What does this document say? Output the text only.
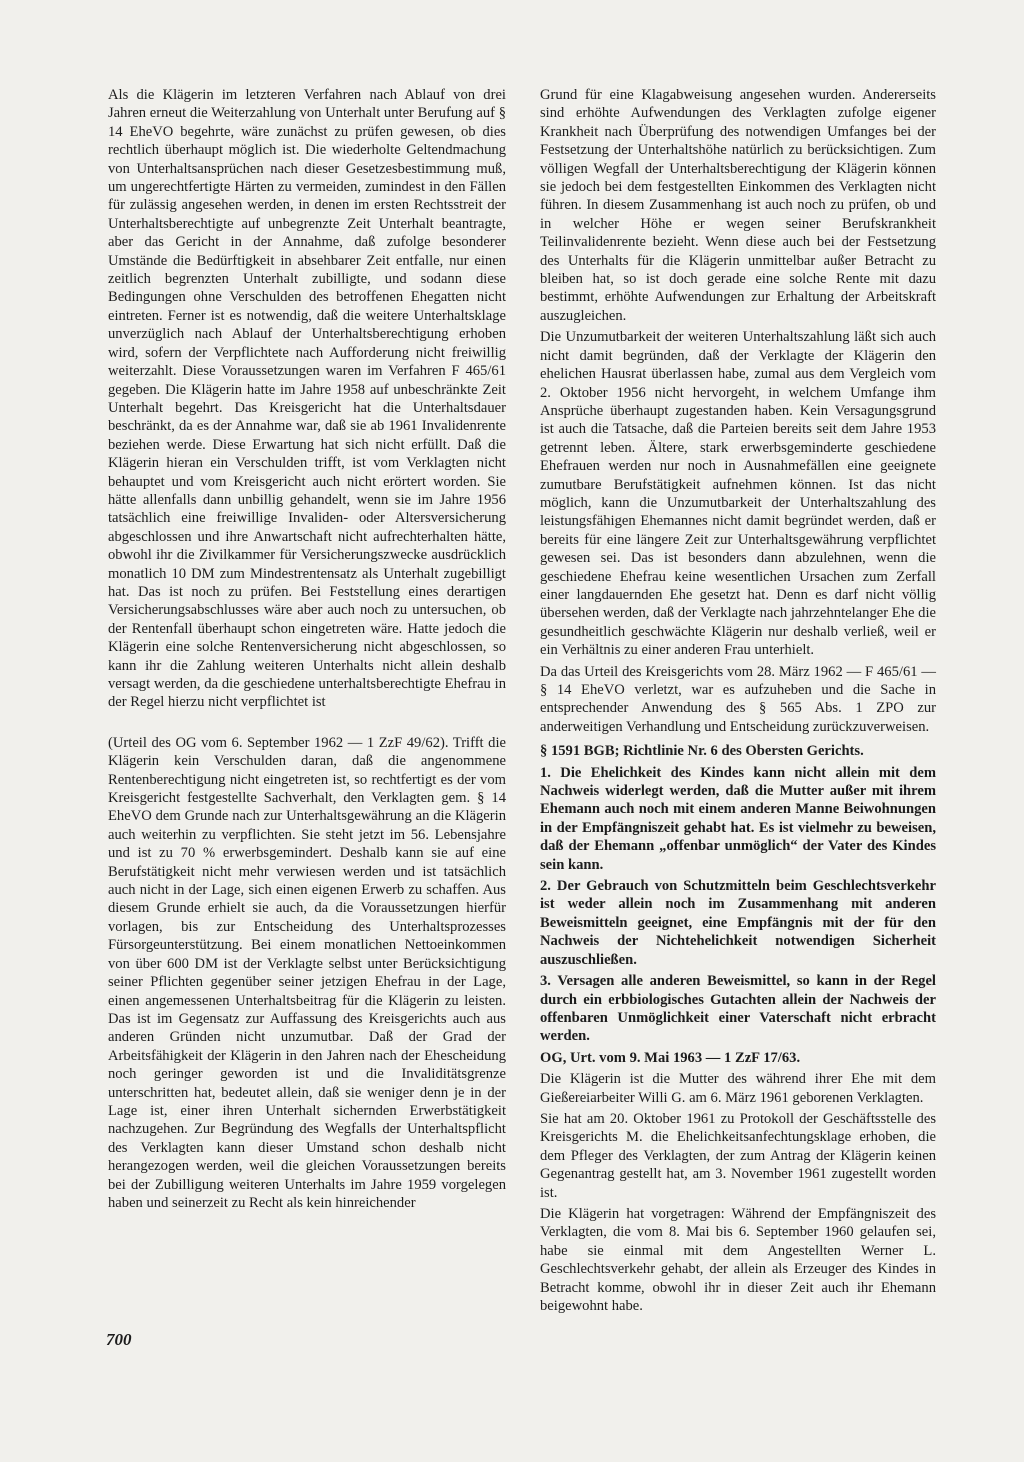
Als die Klägerin im letzteren Verfahren nach Ablauf von drei Jahren erneut die Weiterzahlung von Unterhalt unter Berufung auf § 14 EheVO begehrte, wäre zunächst zu prüfen gewesen, ob dies rechtlich überhaupt möglich ist. Die wiederholte Geltendmachung von Unterhaltsansprüchen nach dieser Gesetzesbestimmung muß, um ungerechtfertigte Härten zu vermeiden, zumindest in den Fällen für zulässig angesehen werden, in denen im ersten Rechtsstreit der Unterhaltsberechtigte auf unbegrenzte Zeit Unterhalt beantragte, aber das Gericht in der Annahme, daß zufolge besonderer Umstände die Bedürftigkeit in absehbarer Zeit entfalle, nur einen zeitlich begrenzten Unterhalt zubilligte, und sodann diese Bedingungen ohne Verschulden des betroffenen Ehegatten nicht eintreten. Ferner ist es notwendig, daß die weitere Unterhaltsklage unverzüglich nach Ablauf der Unterhaltsberechtigung erhoben wird, sofern der Verpflichtete nach Aufforderung nicht freiwillig weiterzahlt. Diese Voraussetzungen waren im Verfahren F 465/61 gegeben. Die Klägerin hatte im Jahre 1958 auf unbeschränkte Zeit Unterhalt begehrt. Das Kreisgericht hat die Unterhaltsdauer beschränkt, da es der Annahme war, daß sie ab 1961 Invalidenrente beziehen werde. Diese Erwartung hat sich nicht erfüllt. Daß die Klägerin hieran ein Verschulden trifft, ist vom Verklagten nicht behauptet und vom Kreisgericht auch nicht erörtert worden. Sie hätte allenfalls dann unbillig gehandelt, wenn sie im Jahre 1956 tatsächlich eine freiwillige Invaliden- oder Altersversicherung abgeschlossen und ihre Anwartschaft nicht aufrechterhalten hätte, obwohl ihr die Zivilkammer für Versicherungszwecke ausdrücklich monatlich 10 DM zum Mindestrentensatz als Unterhalt zugebilligt hat. Das ist noch zu prüfen. Bei Feststellung eines derartigen Versicherungsabschlusses wäre aber auch noch zu untersuchen, ob der Rentenfall überhaupt schon eingetreten wäre. Hatte jedoch die Klägerin eine solche Rentenversicherung nicht abgeschlossen, so kann ihr die Zahlung weiteren Unterhalts nicht allein deshalb versagt werden, da die geschiedene unterhaltsberechtigte Ehefrau in der Regel hierzu nicht verpflichtet ist

(Urteil des OG vom 6. September 1962 — 1 ZzF 49/62). Trifft die Klägerin kein Verschulden daran, daß die angenommene Rentenberechtigung nicht eingetreten ist, so rechtfertigt es der vom Kreisgericht festgestellte Sachverhalt, den Verklagten gem. § 14 EheVO dem Grunde nach zur Unterhaltsgewährung an die Klägerin auch weiterhin zu verpflichten. Sie steht jetzt im 56. Lebensjahre und ist zu 70 % erwerbsgemindert. Deshalb kann sie auf eine Berufstätigkeit nicht mehr verwiesen werden und ist tatsächlich auch nicht in der Lage, sich einen eigenen Erwerb zu schaffen. Aus diesem Grunde erhielt sie auch, da die Voraussetzungen hierfür vorlagen, bis zur Entscheidung des Unterhaltsprozesses Fürsorgeunterstützung. Bei einem monatlichen Nettoeinkommen von über 600 DM ist der Verklagte selbst unter Berücksichtigung seiner Pflichten gegenüber seiner jetzigen Ehefrau in der Lage, einen angemessenen Unterhaltsbeitrag für die Klägerin zu leisten. Das ist im Gegensatz zur Auffassung des Kreisgerichts auch aus anderen Gründen nicht unzumutbar. Daß der Grad der Arbeitsfähigkeit der Klägerin in den Jahren nach der Ehescheidung noch geringer geworden ist und die Invaliditätsgrenze unterschritten hat, bedeutet allein, daß sie weniger denn je in der Lage ist, einer ihren Unterhalt sichernden Erwerbstätigkeit nachzugehen. Zur Begründung des Wegfalls der Unterhaltspflicht des Verklagten kann dieser Umstand schon deshalb nicht herangezogen werden, weil die gleichen Voraussetzungen bereits bei der Zubilligung weiteren Unterhalts im Jahre 1959 vorgelegen haben und seinerzeit zu Recht als kein hinreichender

Grund für eine Klagabweisung angesehen wurden. Andererseits sind erhöhte Aufwendungen des Verklagten zufolge eigener Krankheit nach Überprüfung des notwendigen Umfanges bei der Festsetzung der Unterhaltshöhe natürlich zu berücksichtigen. Zum völligen Wegfall der Unterhaltsberechtigung der Klägerin können sie jedoch bei dem festgestellten Einkommen des Verklagten nicht führen. In diesem Zusammenhang ist auch noch zu prüfen, ob und in welcher Höhe er wegen seiner Berufskrankheit Teilinvalidenrente bezieht. Wenn diese auch bei der Festsetzung des Unterhalts für die Klägerin unmittelbar außer Betracht zu bleiben hat, so ist doch gerade eine solche Rente mit dazu bestimmt, erhöhte Aufwendungen zur Erhaltung der Arbeitskraft auszugleichen.

Die Unzumutbarkeit der weiteren Unterhaltszahlung läßt sich auch nicht damit begründen, daß der Verklagte der Klägerin den ehelichen Hausrat überlassen habe, zumal aus dem Vergleich vom 2. Oktober 1956 nicht hervorgeht, in welchem Umfange ihm Ansprüche überhaupt zugestanden haben. Kein Versagungsgrund ist auch die Tatsache, daß die Parteien bereits seit dem Jahre 1953 getrennt leben. Ältere, stark erwerbsgeminderte geschiedene Ehefrauen werden nur noch in Ausnahmefällen eine geeignete zumutbare Berufstätigkeit aufnehmen können. Ist das nicht möglich, kann die Unzumutbarkeit der Unterhaltszahlung des leistungsfähigen Ehemannes nicht damit begründet werden, daß er bereits für eine längere Zeit zur Unterhaltsgewährung verpflichtet gewesen sei. Das ist besonders dann abzulehnen, wenn die geschiedene Ehefrau keine wesentlichen Ursachen zum Zerfall einer langdauernden Ehe gesetzt hat. Denn es darf nicht völlig übersehen werden, daß der Verklagte nach jahrzehntelanger Ehe die gesundheitlich geschwächte Klägerin nur deshalb verließ, weil er ein Verhältnis zu einer anderen Frau unterhielt.

Da das Urteil des Kreisgerichts vom 28. März 1962 — F 465/61 — § 14 EheVO verletzt, war es aufzuheben und die Sache in entsprechender Anwendung des § 565 Abs. 1 ZPO zur anderweitigen Verhandlung und Entscheidung zurückzuverweisen.

§ 1591 BGB; Richtlinie Nr. 6 des Obersten Gerichts.

1. Die Ehelichkeit des Kindes kann nicht allein mit dem Nachweis widerlegt werden, daß die Mutter außer mit ihrem Ehemann auch noch mit einem anderen Manne Beiwohnungen in der Empfängniszeit gehabt hat. Es ist vielmehr zu beweisen, daß der Ehemann „offenbar unmöglich“ der Vater des Kindes sein kann.

2. Der Gebrauch von Schutzmitteln beim Geschlechtsverkehr ist weder allein noch im Zusammenhang mit anderen Beweismitteln geeignet, eine Empfängnis mit der für den Nachweis der Nichtehelichkeit notwendigen Sicherheit auszuschließen.

3. Versagen alle anderen Beweismittel, so kann in der Regel durch ein erbbiologisches Gutachten allein der Nachweis der offenbaren Unmöglichkeit einer Vaterschaft nicht erbracht werden.

OG, Urt. vom 9. Mai 1963 — 1 ZzF 17/63.

Die Klägerin ist die Mutter des während ihrer Ehe mit dem Gießereiarbeiter Willi G. am 6. März 1961 geborenen Verklagten.

Sie hat am 20. Oktober 1961 zu Protokoll der Geschäftsstelle des Kreisgerichts M. die Ehelichkeitsanfechtungsklage erhoben, die dem Pfleger des Verklagten, der zum Antrag der Klägerin keinen Gegenantrag gestellt hat, am 3. November 1961 zugestellt worden ist.

Die Klägerin hat vorgetragen: Während der Empfängniszeit des Verklagten, die vom 8. Mai bis 6. September 1960 gelaufen sei, habe sie einmal mit dem Angestellten Werner L. Geschlechtsverkehr gehabt, der allein als Erzeuger des Kindes in Betracht komme, obwohl ihr in dieser Zeit auch ihr Ehemann beigewohnt habe.

700
